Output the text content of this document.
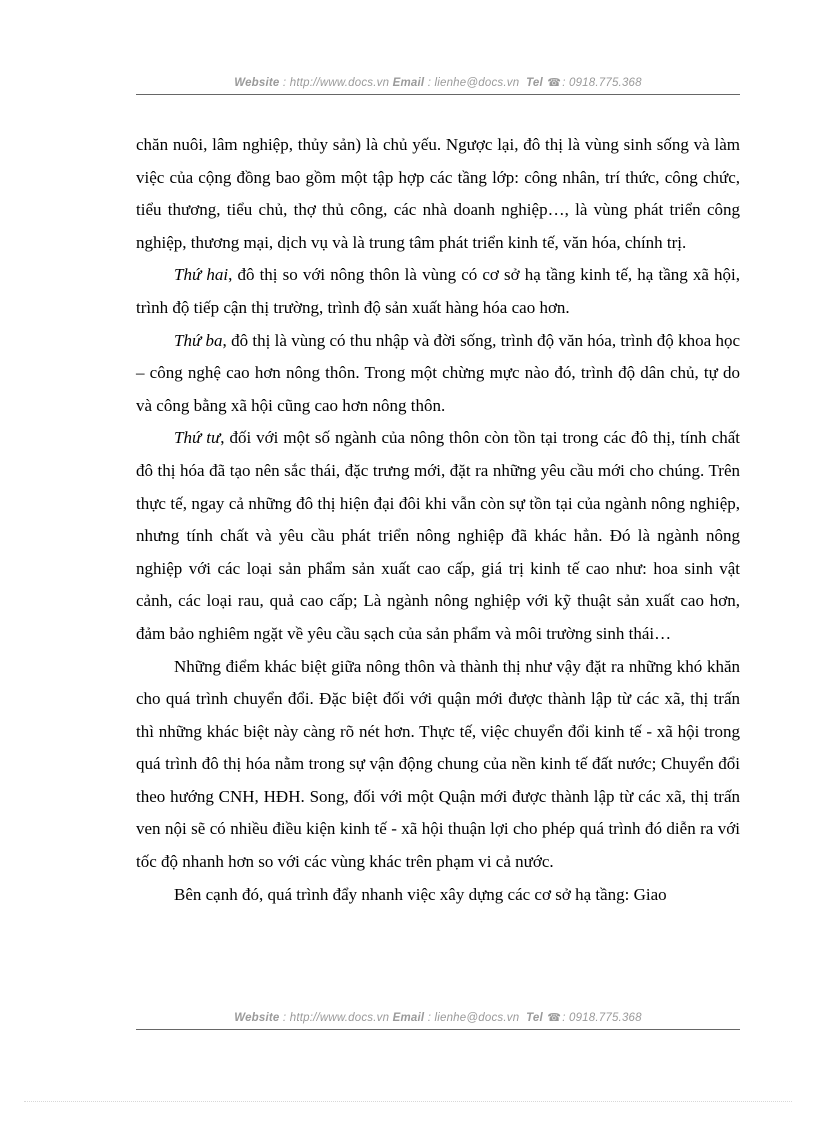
Website : http://www.docs.vn Email : lienhe@docs.vn Tel ☎: 0918.775.368

chăn nuôi, lâm nghiệp, thủy sản) là chủ yếu. Ngược lại, đô thị là vùng sinh sống và làm việc của cộng đồng bao gồm một tập hợp các tầng lớp: công nhân, trí thức, công chức, tiểu thương, tiểu chủ, thợ thủ công, các nhà doanh nghiệp…, là vùng phát triển công nghiệp, thương mại, dịch vụ và là trung tâm phát triển kinh tế, văn hóa, chính trị.

Thứ hai, đô thị so với nông thôn là vùng có cơ sở hạ tầng kinh tế, hạ tầng xã hội, trình độ tiếp cận thị trường, trình độ sản xuất hàng hóa cao hơn.

Thứ ba, đô thị là vùng có thu nhập và đời sống, trình độ văn hóa, trình độ khoa học – công nghệ cao hơn nông thôn. Trong một chừng mực nào đó, trình độ dân chủ, tự do và công bằng xã hội cũng cao hơn nông thôn.

Thứ tư, đối với một số ngành của nông thôn còn tồn tại trong các đô thị, tính chất đô thị hóa đã tạo nên sắc thái, đặc trưng mới, đặt ra những yêu cầu mới cho chúng. Trên thực tế, ngay cả những đô thị hiện đại đôi khi vẫn còn sự tồn tại của ngành nông nghiệp, nhưng tính chất và yêu cầu phát triển nông nghiệp đã khác hẳn. Đó là ngành nông nghiệp với các loại sản phẩm sản xuất cao cấp, giá trị kinh tế cao như: hoa sinh vật cảnh, các loại rau, quả cao cấp; Là ngành nông nghiệp với kỹ thuật sản xuất cao hơn, đảm bảo nghiêm ngặt về yêu cầu sạch của sản phẩm và môi trường sinh thái…

Những điểm khác biệt giữa nông thôn và thành thị như vậy đặt ra những khó khăn cho quá trình chuyển đổi. Đặc biệt đối với quận mới được thành lập từ các xã, thị trấn thì những khác biệt này càng rõ nét hơn. Thực tế, việc chuyển đổi kinh tế - xã hội trong quá trình đô thị hóa nằm trong sự vận động chung của nền kinh tế đất nước; Chuyển đổi theo hướng CNH, HĐH. Song, đối với một Quận mới được thành lập từ các xã, thị trấn ven nội sẽ có nhiều điều kiện kinh tế - xã hội thuận lợi cho phép quá trình đó diễn ra với tốc độ nhanh hơn so với các vùng khác trên phạm vi cả nước.

Bên cạnh đó, quá trình đẩy nhanh việc xây dựng các cơ sở hạ tầng: Giao

Website : http://www.docs.vn Email : lienhe@docs.vn Tel ☎: 0918.775.368
